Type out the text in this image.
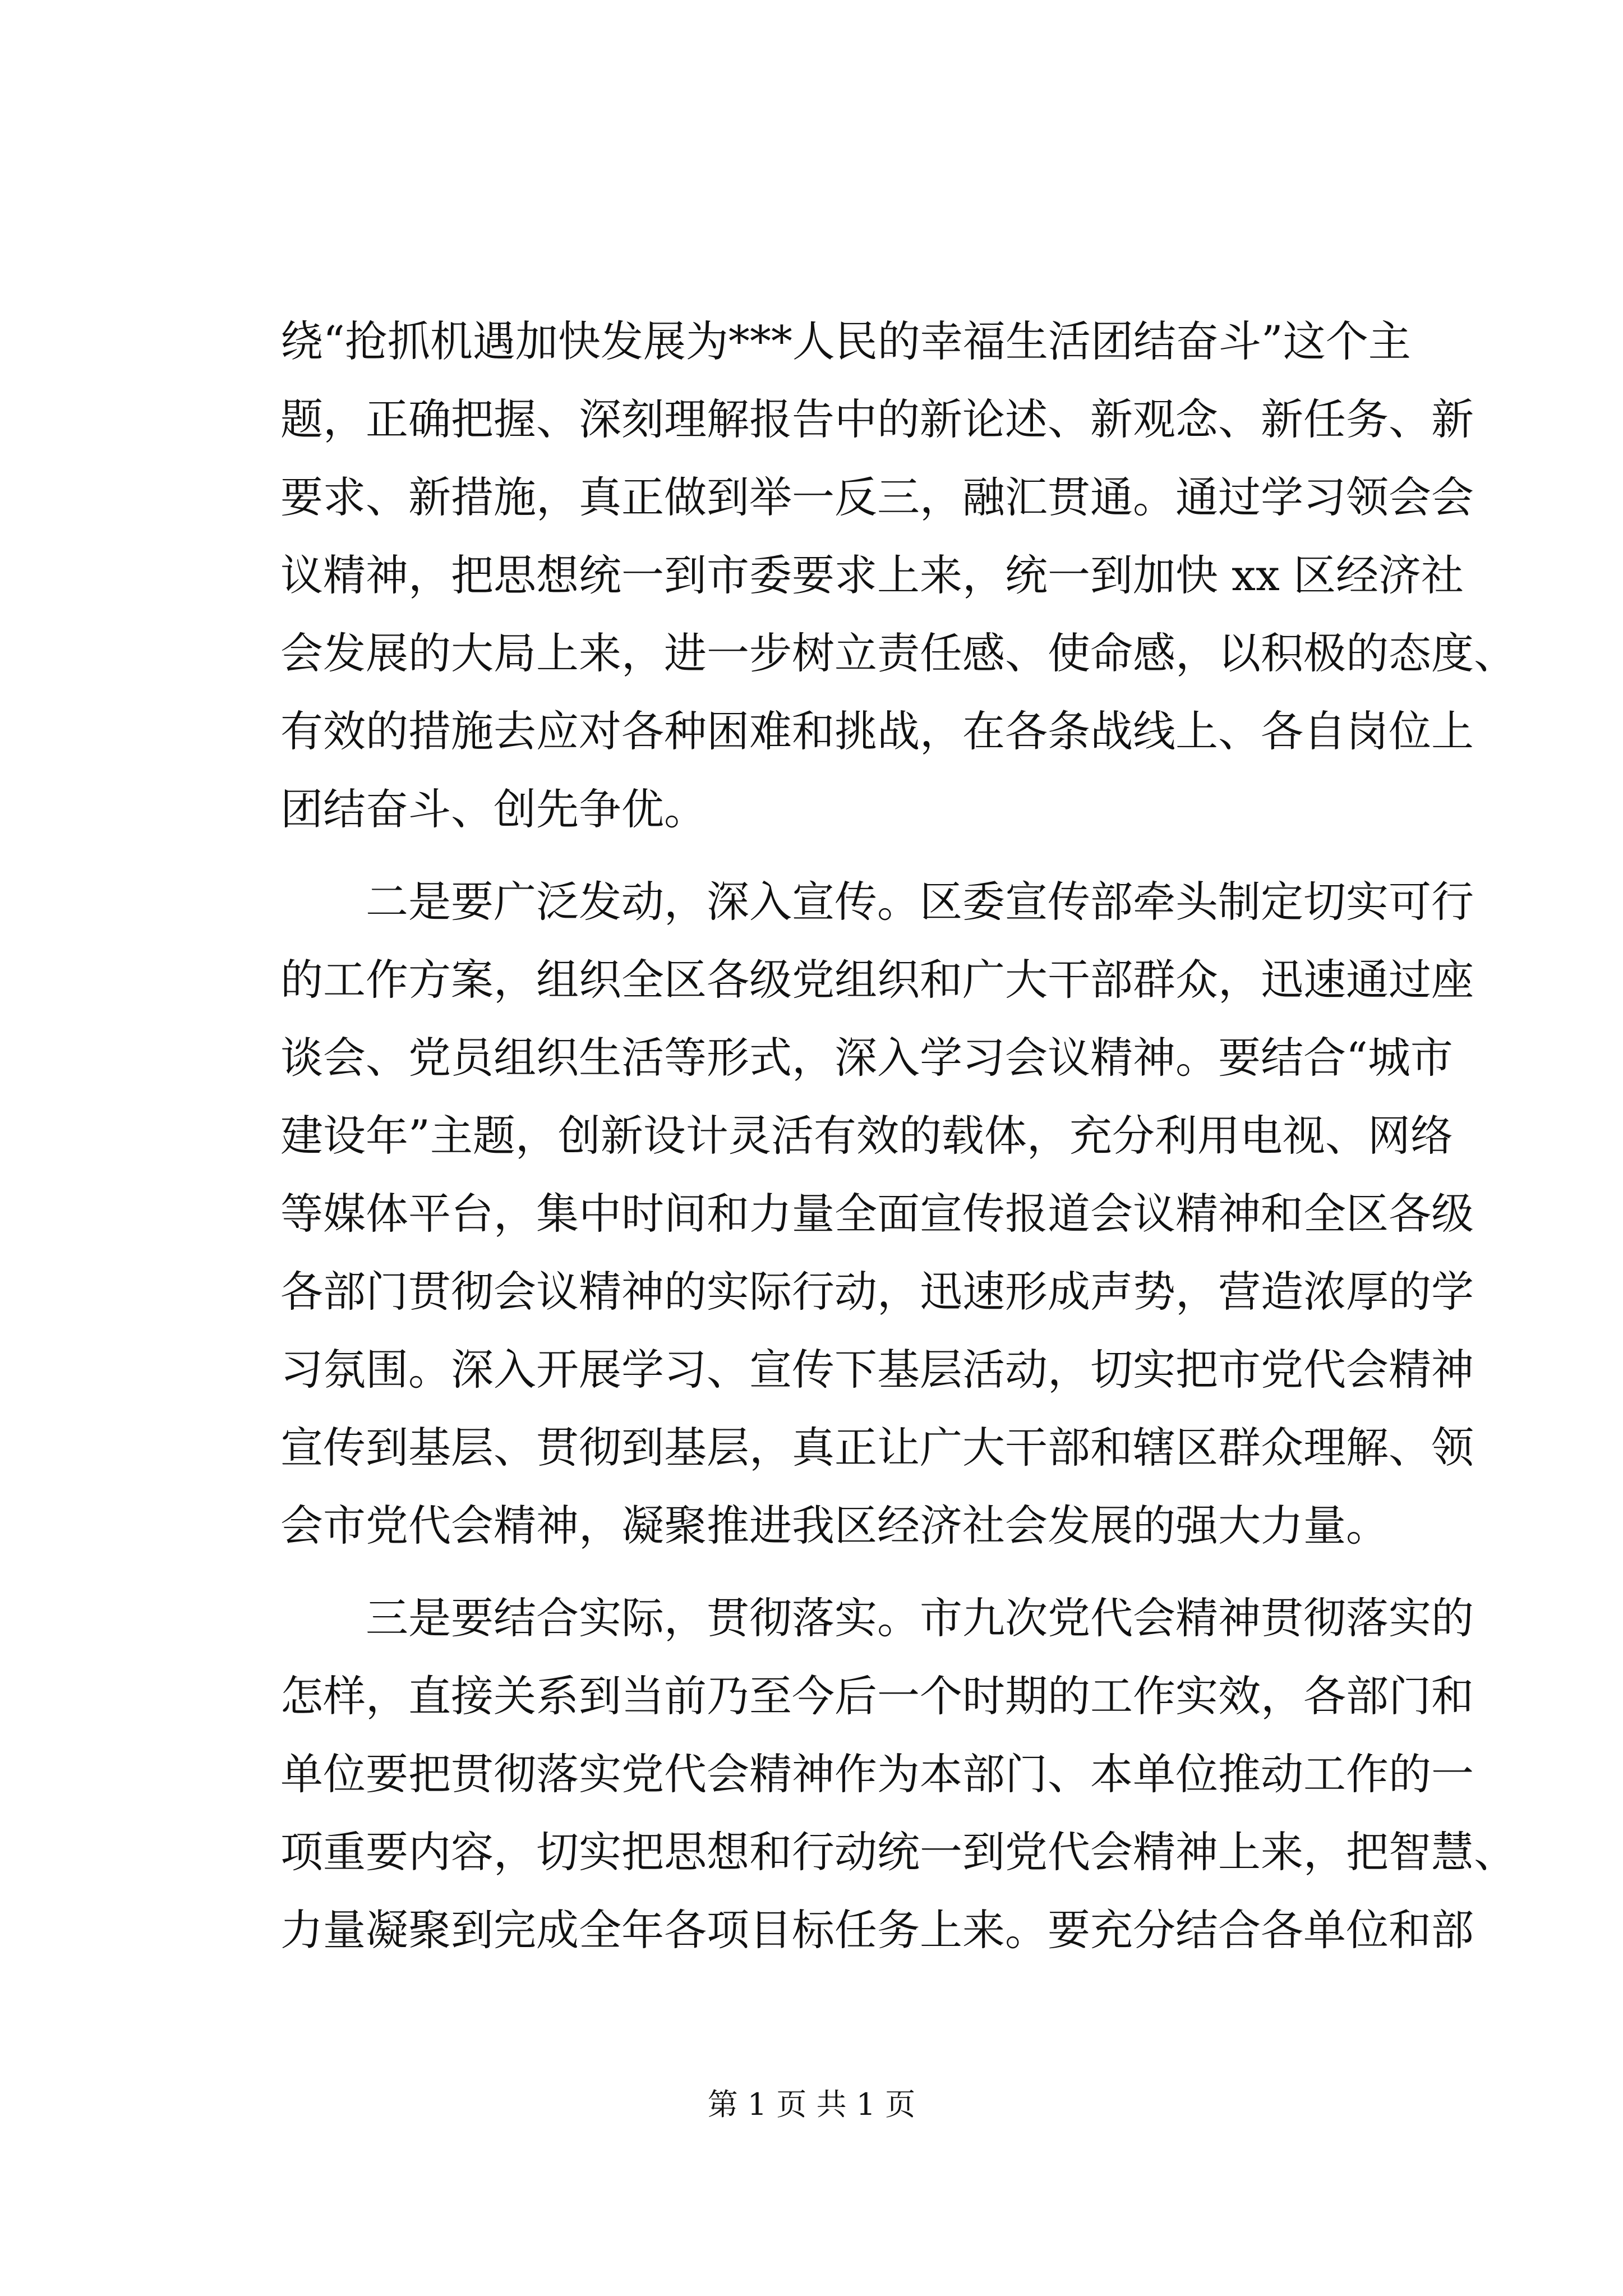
绕“抢抓机遇加快发展为***人民的幸福生活团结奋斗”这个主
题，正确把握、深刻理解报告中的新论述、新观念、新任务、新
要求、新措施，真正做到举一反三，融汇贯通。通过学习领会会
议精神，把思想统一到市委要求上来，统一到加快 xx 区经济社
会发展的大局上来，进一步树立责任感、使命感，以积极的态度、
有效的措施去应对各种困难和挑战，在各条战线上、各自岗位上
团结奋斗、创先争优。
二是要广泛发动，深入宣传。区委宣传部牵头制定切实可行
的工作方案，组织全区各级党组织和广大干部群众，迅速通过座
谈会、党员组织生活等形式，深入学习会议精神。要结合“城市
建设年”主题，创新设计灵活有效的载体，充分利用电视、网络
等媒体平台，集中时间和力量全面宣传报道会议精神和全区各级
各部门贯彻会议精神的实际行动，迅速形成声势，营造浓厚的学
习氛围。深入开展学习、宣传下基层活动，切实把市党代会精神
宣传到基层、贯彻到基层，真正让广大干部和辖区群众理解、领
会市党代会精神，凝聚推进我区经济社会发展的强大力量。
三是要结合实际，贯彻落实。市九次党代会精神贯彻落实的
怎样，直接关系到当前乃至今后一个时期的工作实效，各部门和
单位要把贯彻落实党代会精神作为本部门、本单位推动工作的一
项重要内容，切实把思想和行动统一到党代会精神上来，把智慧、
力量凝聚到完成全年各项目标任务上来。要充分结合各单位和部
第 1 页 共 1 页
